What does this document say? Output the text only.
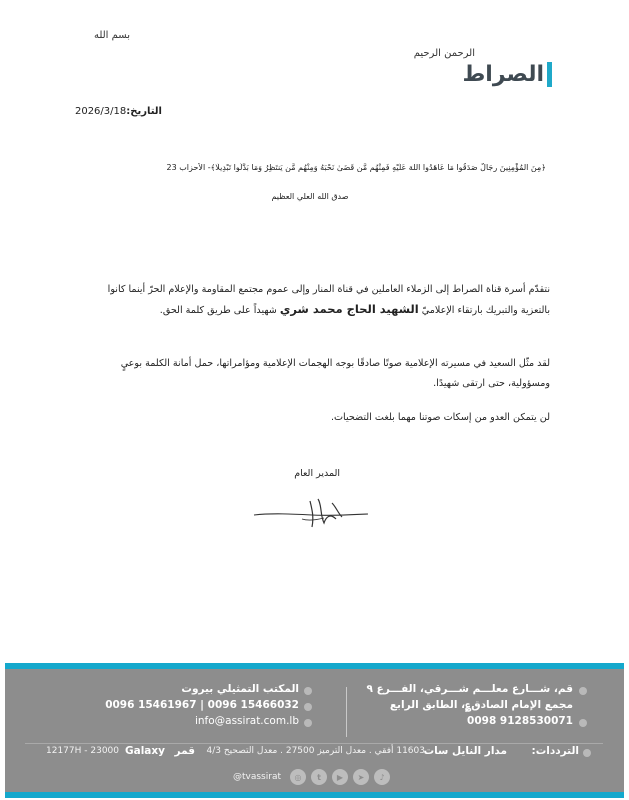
بسم الله
الرحمن الرحيم
الصراط
التاريخ:2026/3/18
﴿مِنَ الْمُؤْمِنِينَ رِجَالٌ صَدَقُوا مَا عَاهَدُوا اللَّهَ عَلَيْهِ فَمِنْهُم مَّن قَضَىٰ نَحْبَهُ وَمِنْهُم مَّن يَنتَظِرُ وَمَا بَدَّلُوا تَبْدِيلًا﴾- الأحزاب 23
صدق الله العلي العظيم
نتقدّم أسرة قناة الصراط إلى الزملاء العاملين في قناة المنار وإلى عموم مجتمع المقاومة والإعلام الحرّ أينما كانوا بالتعزية والتبريك بارتقاء الإعلاميّ الشهيد الحاج محمد شري شهيداً على طريق كلمة الحق.
لقد مثّل السعيد في مسيرته الإعلامية صوتًا صادقًا بوجه الهجمات الإعلامية ومؤامراتها، حمل أمانة الكلمة بوعيٍ ومسؤولية، حتى ارتقى شهيدًا.
لن يتمكن العدو من إسكات صوتنا مهما بلغت التضحيات.
المدير العام
قم، شـــارع معلـــم شـــرقي، الفـــرع ٩
مجمع الإمام الصادق؏، الطابق الرابع
0098 9128530071
المكتب التمثيلي بيروت
0096 15461967 | 0096 15466032
info@assirat.com.lb
الترددات:
مدار النايل سات
11603 أفقي . معدل الترميز 27500 . معدل التصحيح 4/3
قمر
Galaxy
12177H - 23000
@tvassirat	◎	t	▶	➤	♪
